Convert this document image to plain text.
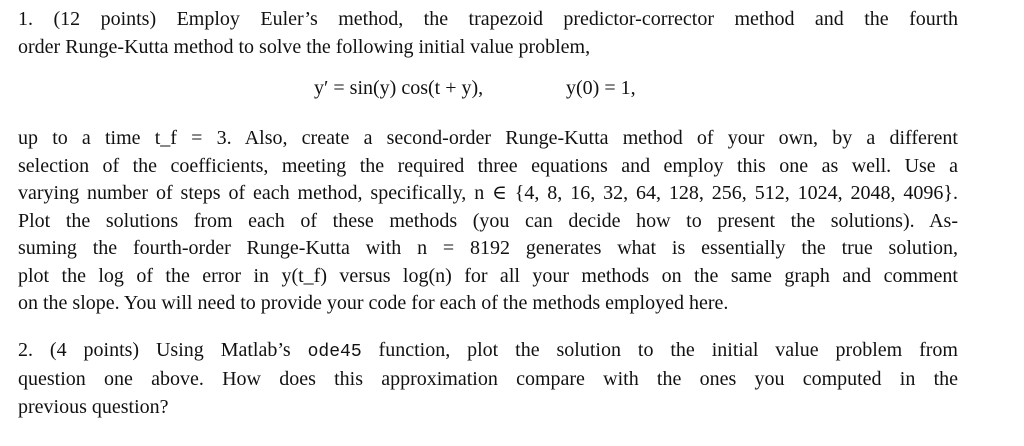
1. (12 points) Employ Euler’s method, the trapezoid predictor-corrector method and the fourth
order Runge-Kutta method to solve the following initial value problem,
y′ = sin(y) cos(t + y),	y(0) = 1,
up to a time t_f = 3. Also, create a second-order Runge-Kutta method of your own, by a different
selection of the coefficients, meeting the required three equations and employ this one as well. Use a
varying number of steps of each method, specifically, n ∈ {4, 8, 16, 32, 64, 128, 256, 512, 1024, 2048, 4096}.
Plot the solutions from each of these methods (you can decide how to present the solutions). As-
suming the fourth-order Runge-Kutta with n = 8192 generates what is essentially the true solution,
plot the log of the error in y(t_f) versus log(n) for all your methods on the same graph and comment
on the slope. You will need to provide your code for each of the methods employed here.
2. (4 points) Using Matlab’s ode45 function, plot the solution to the initial value problem from
question one above. How does this approximation compare with the ones you computed in the
previous question?
